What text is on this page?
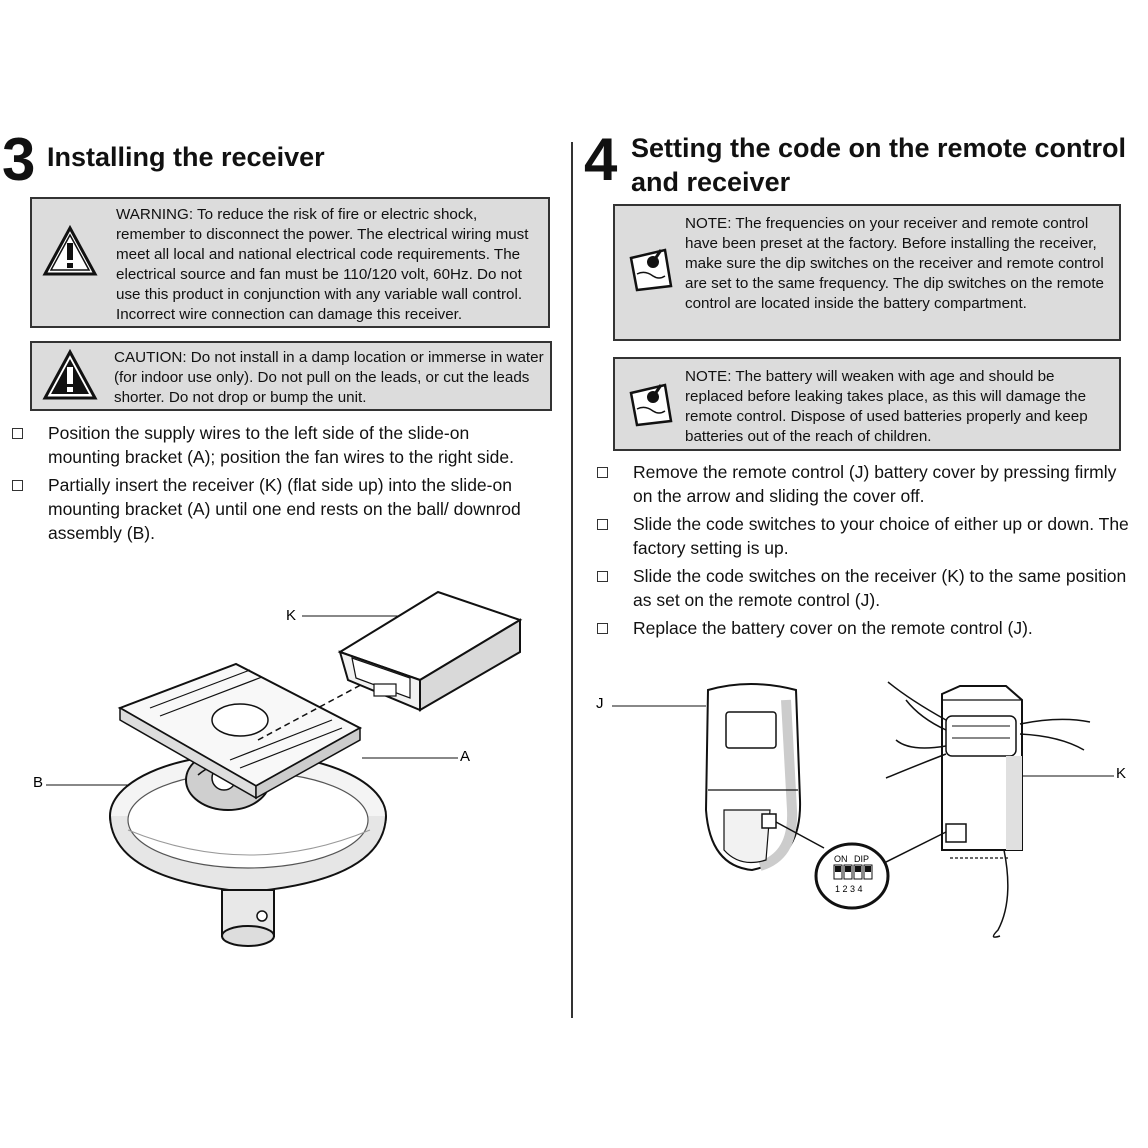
3 Installing the receiver
WARNING: To reduce the risk of fire or electric shock, remember to disconnect the power. The electrical wiring must meet all local and national electrical code requirements. The electrical source and fan must be 110/120 volt, 60Hz. Do not use this product in conjunction with any variable wall control. Incorrect wire connection can damage this receiver.
CAUTION: Do not install in a damp location or immerse in water (for indoor use only). Do not pull on the leads, or cut the leads shorter. Do not drop or bump the unit.
Position the supply wires to the left side of the slide-on mounting bracket (A); position the fan wires to the right side.
Partially insert the receiver (K) (flat side up) into the slide-on mounting bracket (A) until one end rests on the ball/ downrod assembly (B).
K
A
B
4 Setting the code on the remote control
and receiver
NOTE: The frequencies on your receiver and remote control have been preset at the factory. Before installing the receiver, make sure the dip switches on the receiver and remote control are set to the same frequency. The dip switches on the remote control are located inside the battery compartment.
NOTE: The battery will weaken with age and should be replaced before leaking takes place, as this will damage the remote control. Dispose of used batteries properly and keep batteries out of the reach of children.
Remove the remote control (J) battery cover by pressing firmly on the arrow and sliding the cover off.
Slide the code switches to your choice of either up or down. The factory setting is up.
Slide the code switches on the receiver (K) to the same position as set on the remote control (J).
Replace the battery cover on the remote control (J).
J
K
ON DIP
1 2 3 4
